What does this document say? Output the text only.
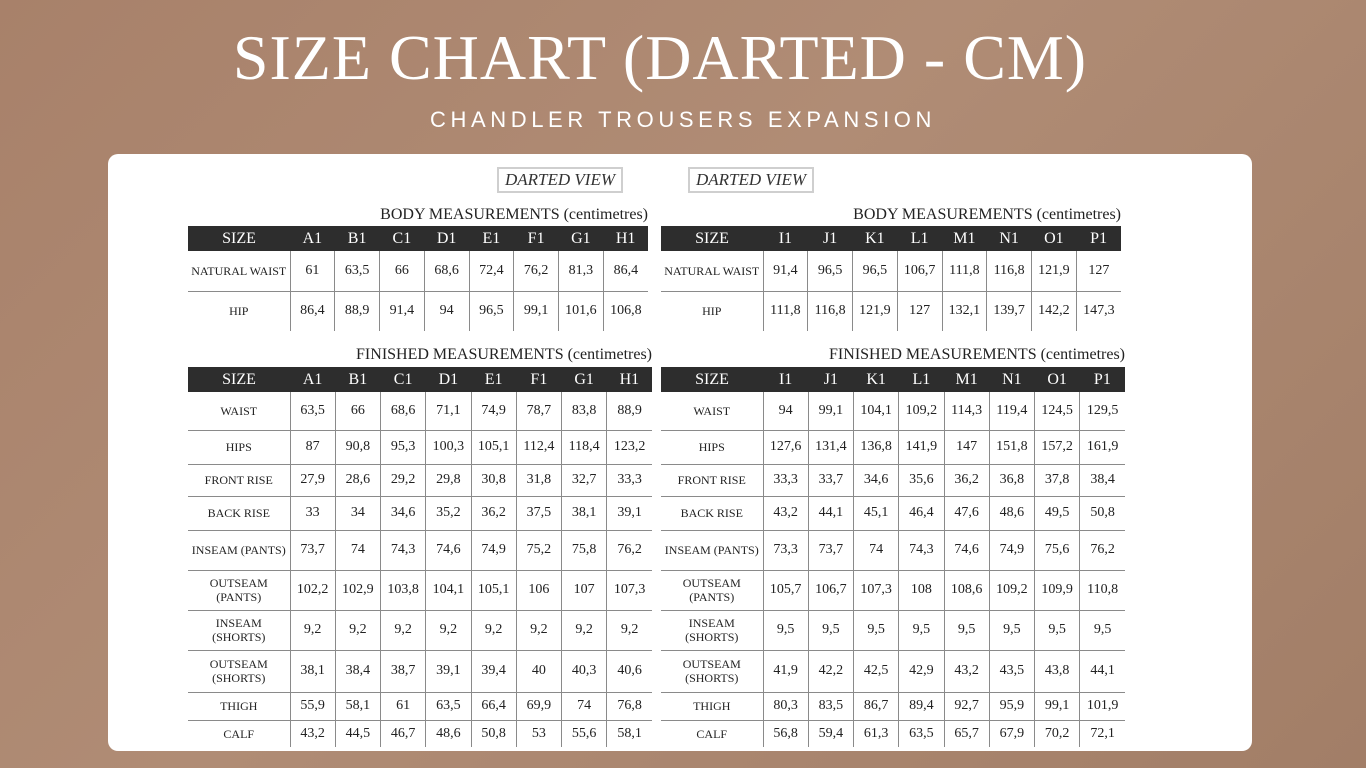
SIZE CHART (DARTED - CM)
CHANDLER TROUSERS EXPANSION
DARTED VIEW	DARTED VIEW
BODY MEASUREMENTS (centimetres)	BODY MEASUREMENTS (centimetres)
SIZE	A1	B1	C1	D1	E1	F1	G1	H1
NATURAL WAIST	61	63,5	66	68,6	72,4	76,2	81,3	86,4
HIP	86,4	88,9	91,4	94	96,5	99,1	101,6	106,8
SIZE	I1	J1	K1	L1	M1	N1	O1	P1
NATURAL WAIST	91,4	96,5	96,5	106,7	111,8	116,8	121,9	127
HIP	111,8	116,8	121,9	127	132,1	139,7	142,2	147,3
FINISHED MEASUREMENTS (centimetres)	FINISHED MEASUREMENTS (centimetres)
SIZE	A1	B1	C1	D1	E1	F1	G1	H1
WAIST	63,5	66	68,6	71,1	74,9	78,7	83,8	88,9
HIPS	87	90,8	95,3	100,3	105,1	112,4	118,4	123,2
FRONT RISE	27,9	28,6	29,2	29,8	30,8	31,8	32,7	33,3
BACK RISE	33	34	34,6	35,2	36,2	37,5	38,1	39,1
INSEAM (PANTS)	73,7	74	74,3	74,6	74,9	75,2	75,8	76,2
OUTSEAM (PANTS)	102,2	102,9	103,8	104,1	105,1	106	107	107,3
INSEAM (SHORTS)	9,2	9,2	9,2	9,2	9,2	9,2	9,2	9,2
OUTSEAM (SHORTS)	38,1	38,4	38,7	39,1	39,4	40	40,3	40,6
THIGH	55,9	58,1	61	63,5	66,4	69,9	74	76,8
CALF	43,2	44,5	46,7	48,6	50,8	53	55,6	58,1
SIZE	I1	J1	K1	L1	M1	N1	O1	P1
WAIST	94	99,1	104,1	109,2	114,3	119,4	124,5	129,5
HIPS	127,6	131,4	136,8	141,9	147	151,8	157,2	161,9
FRONT RISE	33,3	33,7	34,6	35,6	36,2	36,8	37,8	38,4
BACK RISE	43,2	44,1	45,1	46,4	47,6	48,6	49,5	50,8
INSEAM (PANTS)	73,3	73,7	74	74,3	74,6	74,9	75,6	76,2
OUTSEAM (PANTS)	105,7	106,7	107,3	108	108,6	109,2	109,9	110,8
INSEAM (SHORTS)	9,5	9,5	9,5	9,5	9,5	9,5	9,5	9,5
OUTSEAM (SHORTS)	41,9	42,2	42,5	42,9	43,2	43,5	43,8	44,1
THIGH	80,3	83,5	86,7	89,4	92,7	95,9	99,1	101,9
CALF	56,8	59,4	61,3	63,5	65,7	67,9	70,2	72,1
